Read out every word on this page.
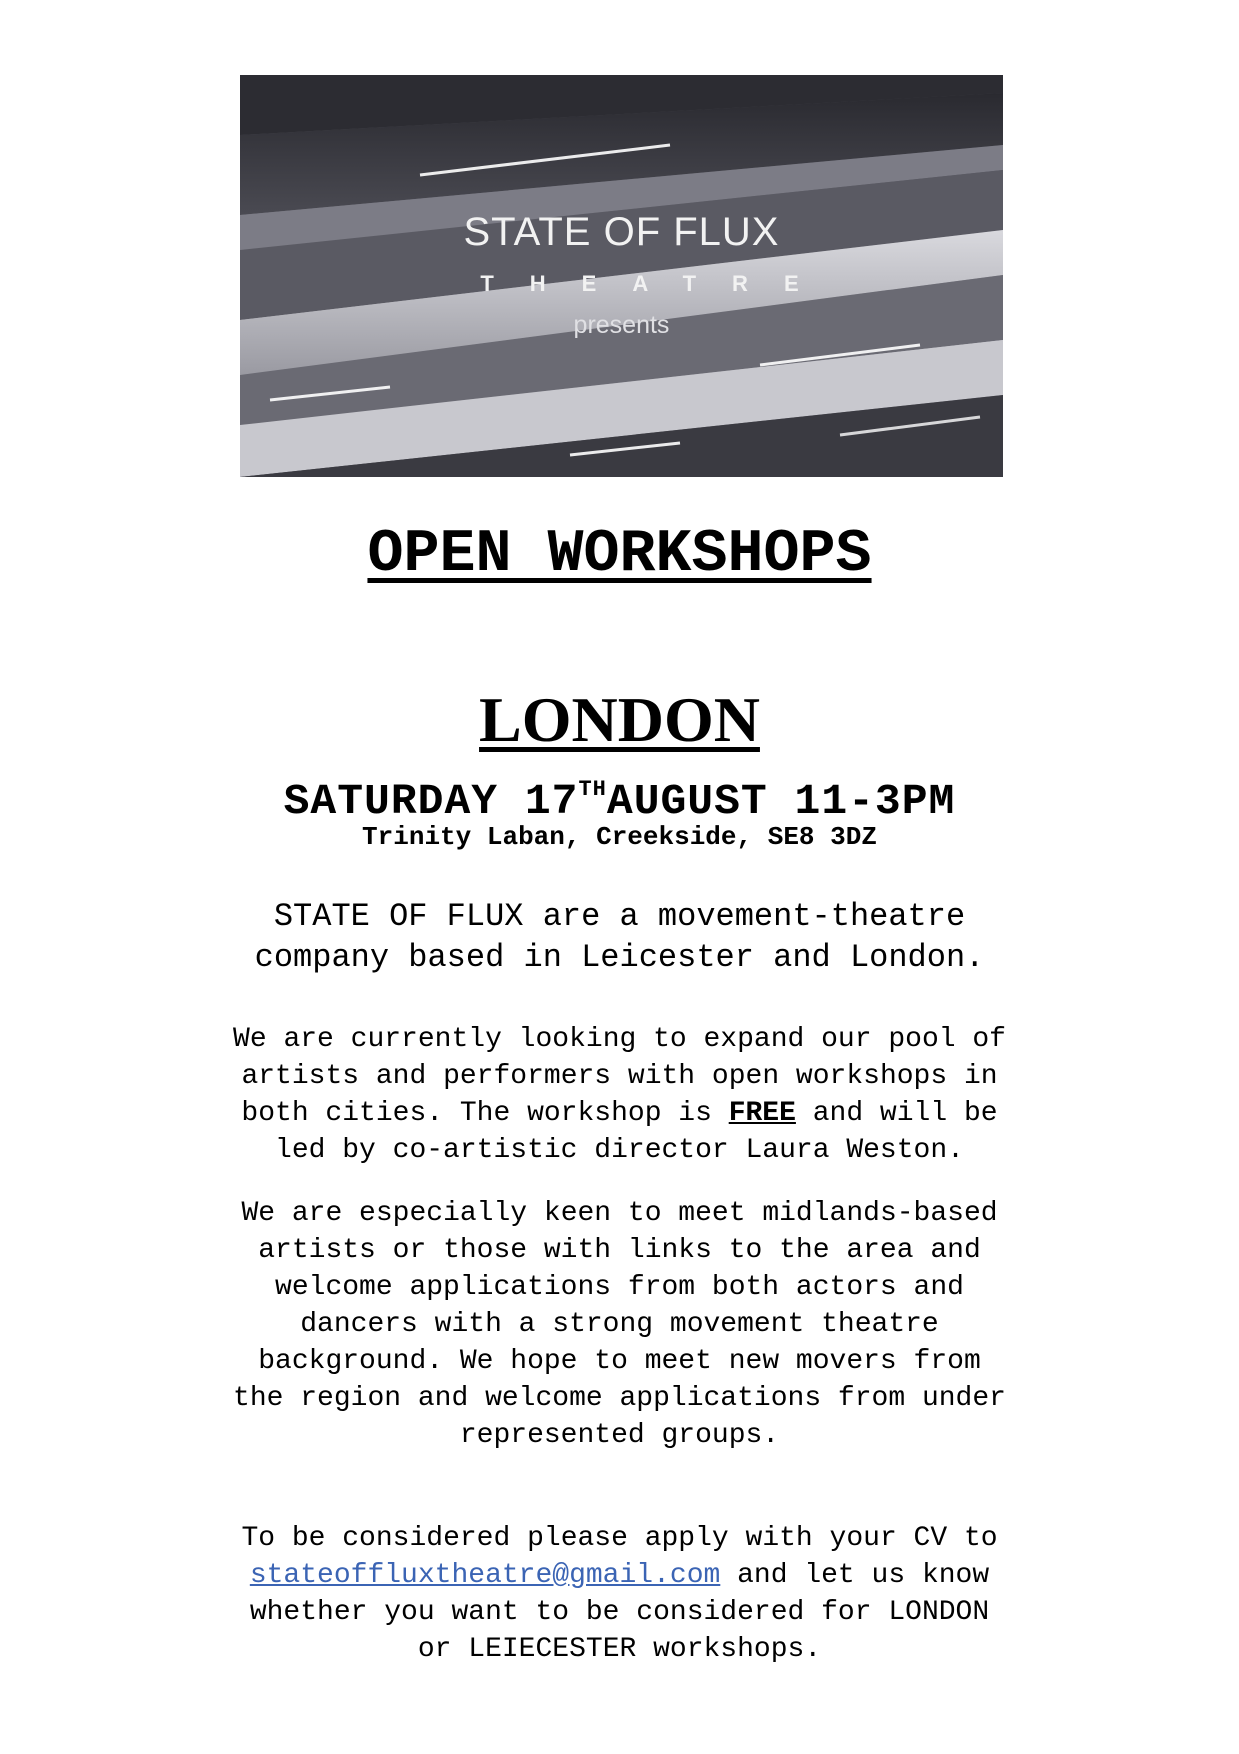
STATE OF FLUX
THEATRE
presents
OPEN WORKSHOPS
LONDON
SATURDAY 17THAUGUST 11-3PM
Trinity Laban, Creekside, SE8 3DZ
STATE OF FLUX are a movement-theatre
company based in Leicester and London.
We are currently looking to expand our pool of
artists and performers with open workshops in
both cities. The workshop is FREE and will be
led by co-artistic director Laura Weston.
We are especially keen to meet midlands-based
artists or those with links to the area and
welcome applications from both actors and
dancers with a strong movement theatre
background. We hope to meet new movers from
the region and welcome applications from under
represented groups.
To be considered please apply with your CV to
stateoffluxtheatre@gmail.com and let us know
whether you want to be considered for LONDON
or LEIECESTER workshops.
